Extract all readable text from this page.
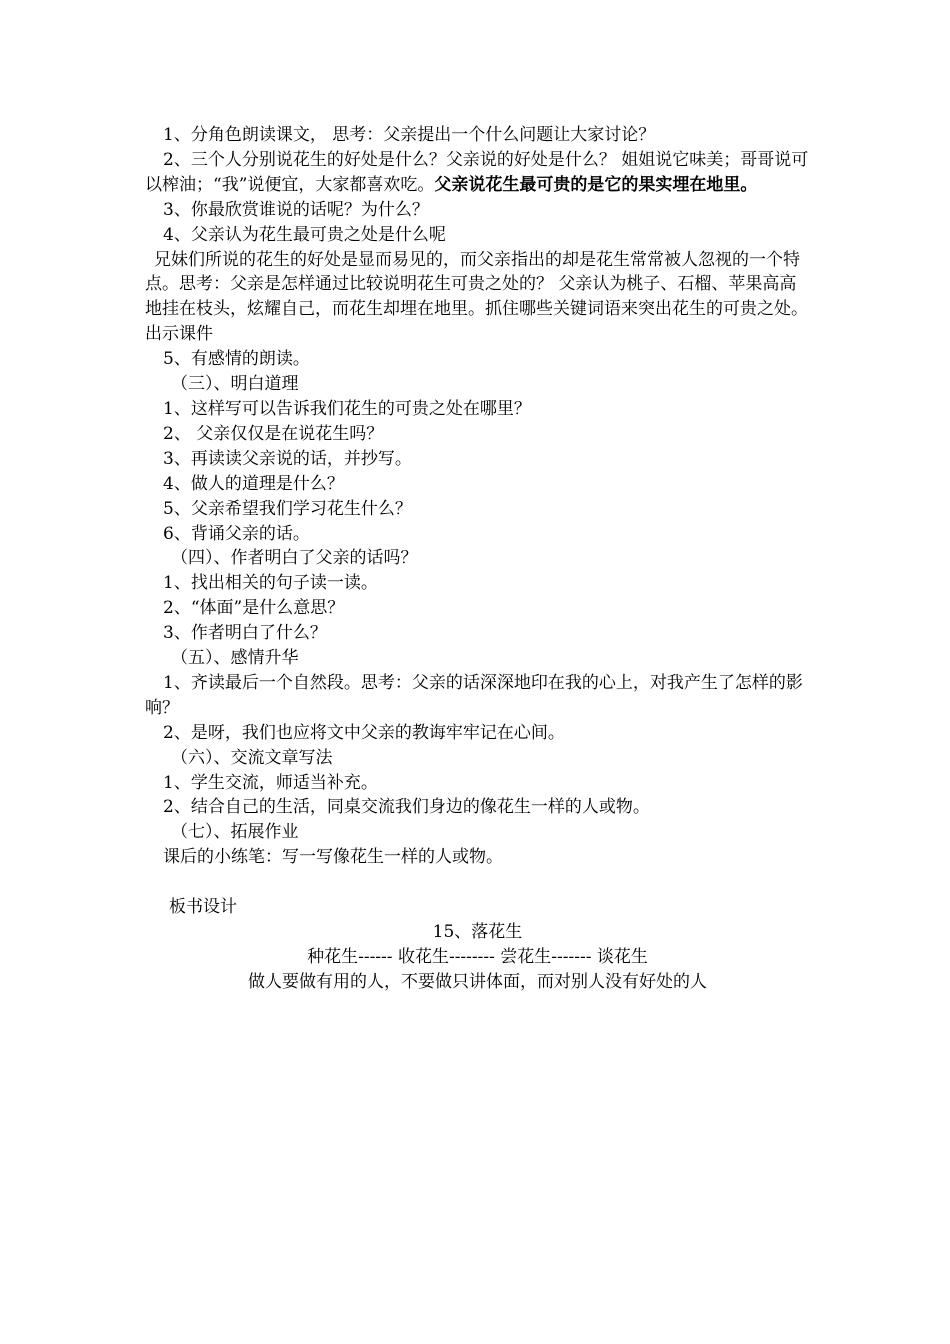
1、分角色朗读课文， 思考：父亲提出一个什么问题让大家讨论？

2、三个人分别说花生的好处是什么？父亲说的好处是什么？ 姐姐说它味美；哥哥说可以榨油；“我”说便宜，大家都喜欢吃。父亲说花生最可贵的是它的果实埋在地里。

3、你最欣赏谁说的话呢？为什么？

4、父亲认为花生最可贵之处是什么呢

兄妹们所说的花生的好处是显而易见的，而父亲指出的却是花生常常被人忽视的一个特点。思考：父亲是怎样通过比较说明花生可贵之处的？ 父亲认为桃子、石榴、苹果高高地挂在枝头，炫耀自己，而花生却埋在地里。抓住哪些关键词语来突出花生的可贵之处。出示课件

5、有感情的朗读。

（三）、明白道理

1、这样写可以告诉我们花生的可贵之处在哪里？

2、 父亲仅仅是在说花生吗？

3、再读读父亲说的话，并抄写。

4、做人的道理是什么？

5、父亲希望我们学习花生什么？

6、背诵父亲的话。

（四）、作者明白了父亲的话吗？

1、找出相关的句子读一读。

2、“体面”是什么意思？

3、作者明白了什么？

（五）、感情升华

1、齐读最后一个自然段。思考：父亲的话深深地印在我的心上，对我产生了怎样的影响？

2、是呀，我们也应将文中父亲的教诲牢牢记在心间。

（六）、交流文章写法

1、学生交流，师适当补充。

2、结合自己的生活，同桌交流我们身边的像花生一样的人或物。

（七）、拓展作业

课后的小练笔：写一写像花生一样的人或物。

板书设计

15、落花生

种花生------ 收花生-------- 尝花生------- 谈花生

做人要做有用的人，不要做只讲体面，而对别人没有好处的人
